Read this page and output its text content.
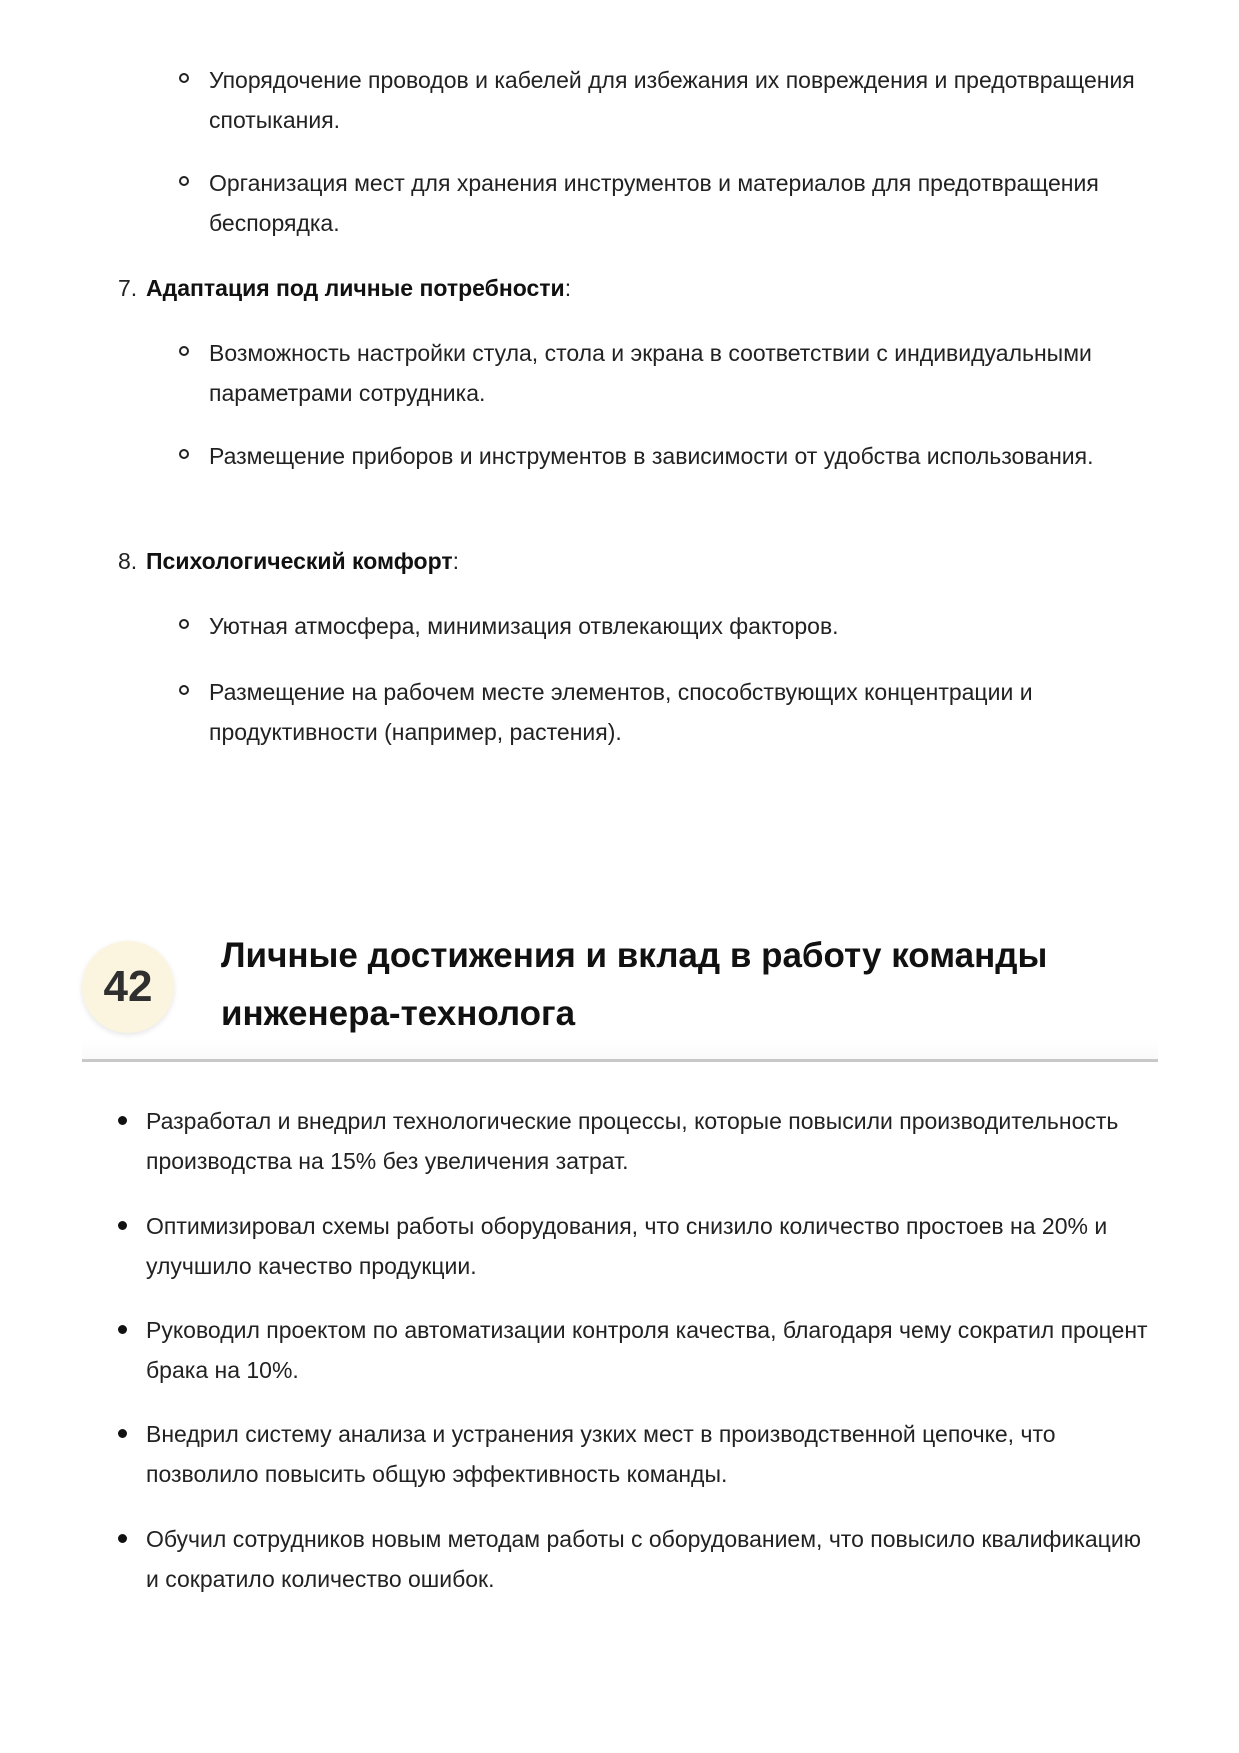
Упорядочение проводов и кабелей для избежания их повреждения и предотвращения спотыкания.
Организация мест для хранения инструментов и материалов для предотвращения беспорядка.
7. Адаптация под личные потребности:
Возможность настройки стула, стола и экрана в соответствии с индивидуальными параметрами сотрудника.
Размещение приборов и инструментов в зависимости от удобства использования.
8. Психологический комфорт:
Уютная атмосфера, минимизация отвлекающих факторов.
Размещение на рабочем месте элементов, способствующих концентрации и продуктивности (например, растения).
42
Личные достижения и вклад в работу команды инженера-технолога
Разработал и внедрил технологические процессы, которые повысили производительность производства на 15% без увеличения затрат.
Оптимизировал схемы работы оборудования, что снизило количество простоев на 20% и улучшило качество продукции.
Руководил проектом по автоматизации контроля качества, благодаря чему сократил процент брака на 10%.
Внедрил систему анализа и устранения узких мест в производственной цепочке, что позволило повысить общую эффективность команды.
Обучил сотрудников новым методам работы с оборудованием, что повысило квалификацию и сократило количество ошибок.
